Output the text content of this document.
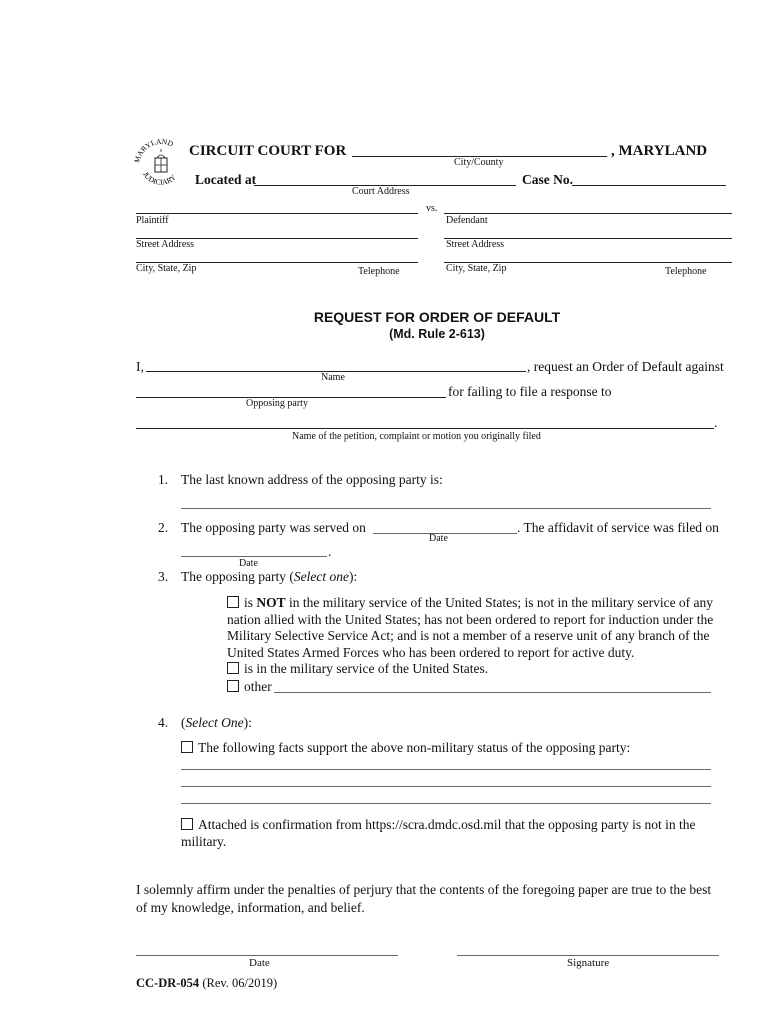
MARYLAND
JUDICIARY
CIRCUIT COURT FOR	, MARYLAND
City/County
Located at
Court Address
Case No.
vs.
Plaintiff	Defendant
Street Address	Street Address
City, State, Zip	Telephone	City, State, Zip	Telephone
REQUEST FOR ORDER OF DEFAULT
(Md. Rule 2-613)
I,	, request an Order of Default against
Name
for failing to file a response to
Opposing party
.
Name of the petition, complaint or motion you originally filed
1. The last known address of the opposing party is:
2. The opposing party was served on	. The affidavit of service was filed on
Date
.
Date
3. The opposing party (Select one):
is NOT in the military service of the United States; is not in the military service of any
nation allied with the United States; has not been ordered to report for induction under the
Military Selective Service Act; and is not a member of a reserve unit of any branch of the
United States Armed Forces who has been ordered to report for active duty.
is in the military service of the United States.
other
4. (Select One):
The following facts support the above non-military status of the opposing party:
Attached is confirmation from https://scra.dmdc.osd.mil that the opposing party is not in the
military.
I solemnly affirm under the penalties of perjury that the contents of the foregoing paper are true to the best
of my knowledge, information, and belief.
Date	Signature
CC-DR-054 (Rev. 06/2019)
